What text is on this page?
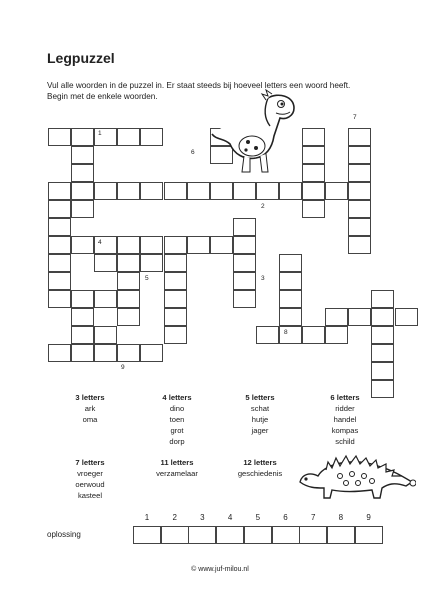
Legpuzzel
Vul alle woorden in de puzzel in. Er staat steeds bij hoeveel letters een woord heeft.
Begin met de enkele woorden.
1
2
3
4
5
6
7
8
9
3 letters
ark
oma
4 letters
dino
toen
grot
dorp
5 letters
schat
hutje
jager
6 letters
ridder
handel
kompas
schild
7 letters
vroeger
oerwoud
kasteel
11 letters
verzamelaar
12 letters
geschiedenis
oplossing
1	2	3	4	5	6	7	8	9
© www.juf-milou.nl
